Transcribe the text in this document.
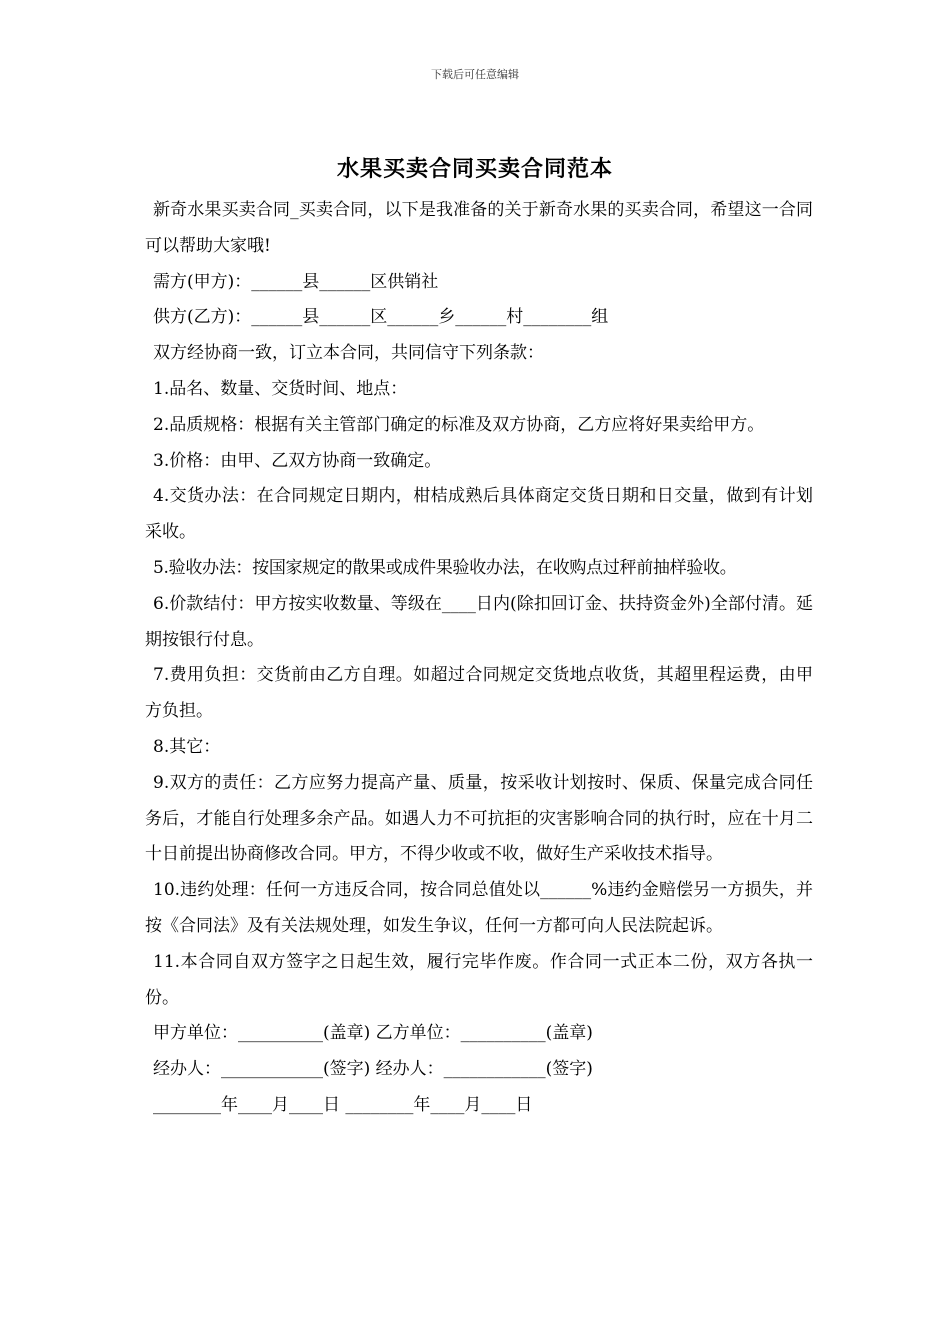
下载后可任意编辑
水果买卖合同买卖合同范本

新奇水果买卖合同_买卖合同，以下是我准备的关于新奇水果的买卖合同，希望这一合同可以帮助大家哦!

需方(甲方)：______县______区供销社

供方(乙方)：______县______区______乡______村________组

双方经协商一致，订立本合同，共同信守下列条款：

1.品名、数量、交货时间、地点：

2.品质规格：根据有关主管部门确定的标准及双方协商，乙方应将好果卖给甲方。

3.价格：由甲、乙双方协商一致确定。

4.交货办法：在合同规定日期内，柑桔成熟后具体商定交货日期和日交量，做到有计划采收。

5.验收办法：按国家规定的散果或成件果验收办法，在收购点过秤前抽样验收。

6.价款结付：甲方按实收数量、等级在____日内(除扣回订金、扶持资金外)全部付清。延期按银行付息。

7.费用负担：交货前由乙方自理。如超过合同规定交货地点收货，其超里程运费，由甲方负担。

8.其它：

9.双方的责任：乙方应努力提高产量、质量，按采收计划按时、保质、保量完成合同任务后，才能自行处理多余产品。如遇人力不可抗拒的灾害影响合同的执行时，应在十月二十日前提出协商修改合同。甲方，不得少收或不收，做好生产采收技术指导。

10.违约处理：任何一方违反合同，按合同总值处以______%违约金赔偿另一方损失，并按《合同法》及有关法规处理，如发生争议，任何一方都可向人民法院起诉。

11.本合同自双方签字之日起生效，履行完毕作废。作合同一式正本二份，双方各执一份。

甲方单位：__________(盖章) 乙方单位：__________(盖章)

经办人：____________(签字) 经办人：____________(签字)

________年____月____日 ________年____月____日
